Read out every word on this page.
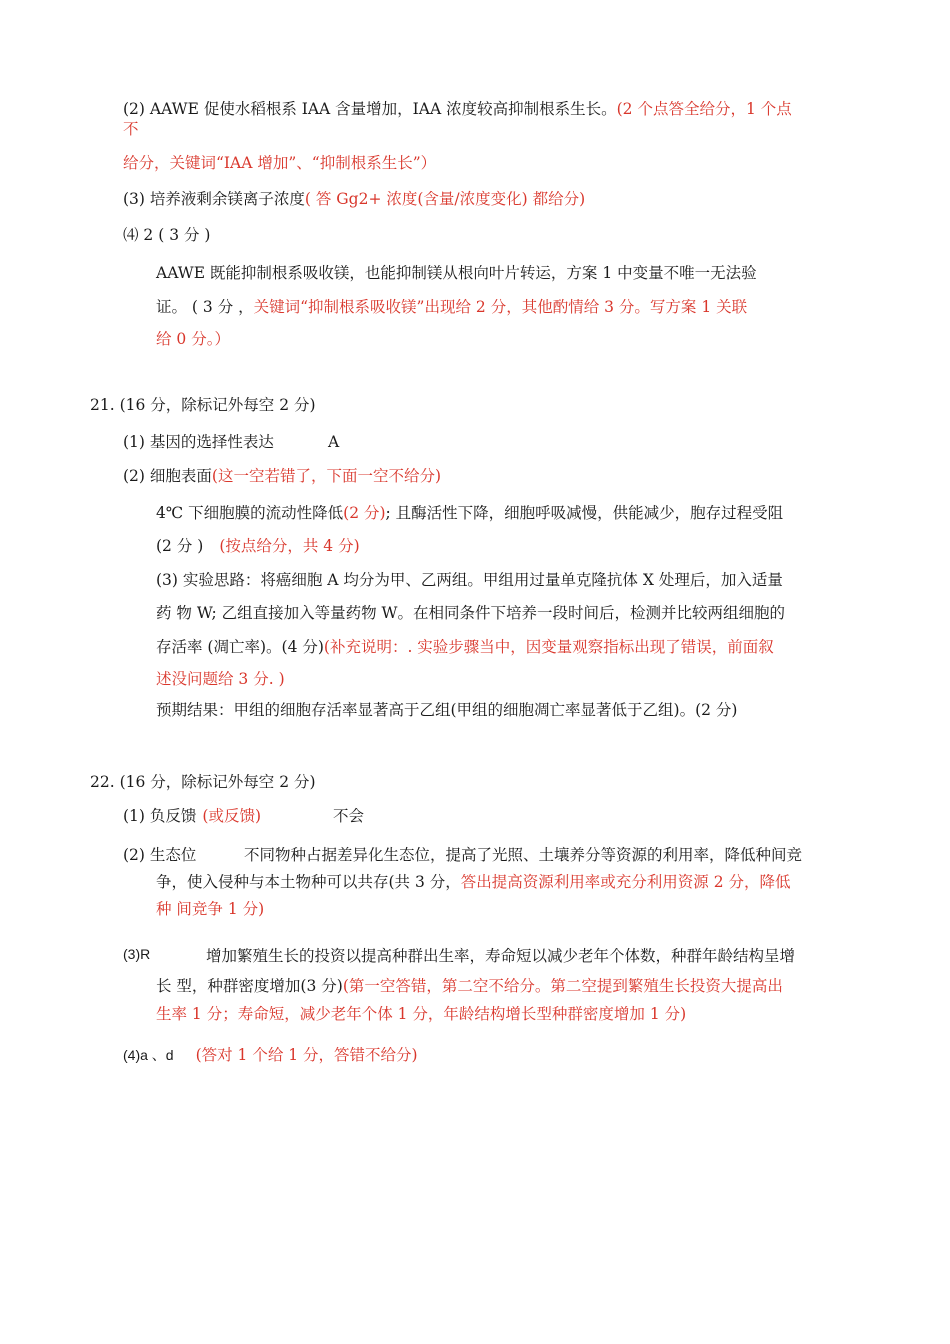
(2) AAWE 促使水稻根系 IAA 含量增加，IAA 浓度较高抑制根系生长。(2 个点答全给分，1 个点
不
给分，关键词“IAA 增加”、“抑制根系生长”）
(3) 培养液剩余镁离子浓度( 答 Gg2+ 浓度(含量/浓度变化) 都给分)
⑷ 2 ( 3 分 )
AAWE 既能抑制根系吸收镁，也能抑制镁从根向叶片转运，方案 1 中变量不唯一无法验
证。 ( 3 分 ，关键词“抑制根系吸收镁”出现给 2 分，其他酌情给 3 分。写方案 1 关联
给 0 分。）
21. (16 分，除标记外每空 2 分)
(1) 基因的选择性表达	A
(2) 细胞表面(这一空若错了，下面一空不给分)
4℃ 下细胞膜的流动性降低(2 分); 且酶活性下降，细胞呼吸减慢，供能减少，胞存过程受阻
(2 分 ) (按点给分，共 4 分)
(3) 实验思路：将癌细胞 A 均分为甲、乙两组。甲组用过量单克隆抗体 X 处理后，加入适量
药 物 W; 乙组直接加入等量药物 W。在相同条件下培养一段时间后，检测并比较两组细胞的
存活率 (凋亡率)。(4 分)(补充说明：. 实验步骤当中，因变量观察指标出现了错误，前面叙
述没问题给 3 分. )
预期结果：甲组的细胞存活率显著高于乙组(甲组的细胞凋亡率显著低于乙组)。(2 分)
22. (16 分，除标记外每空 2 分)
(1) 负反馈 (或反馈)	不会
(2) 生态位	不同物种占据差异化生态位，提高了光照、土壤养分等资源的利用率，降低种间竞
争，使入侵种与本土物种可以共存(共 3 分，答出提高资源利用率或充分利用资源 2 分，降低
种 间竞争 1 分)
(3)R	增加繁殖生长的投资以提高种群出生率，寿命短以减少老年个体数，种群年龄结构呈增
长 型，种群密度增加(3 分)(第一空答错，第二空不给分。第二空提到繁殖生长投资大提高出
生率 1 分；寿命短，减少老年个体 1 分，年龄结构增长型种群密度增加 1 分)
(4)a 、d (答对 1 个给 1 分，答错不给分)
